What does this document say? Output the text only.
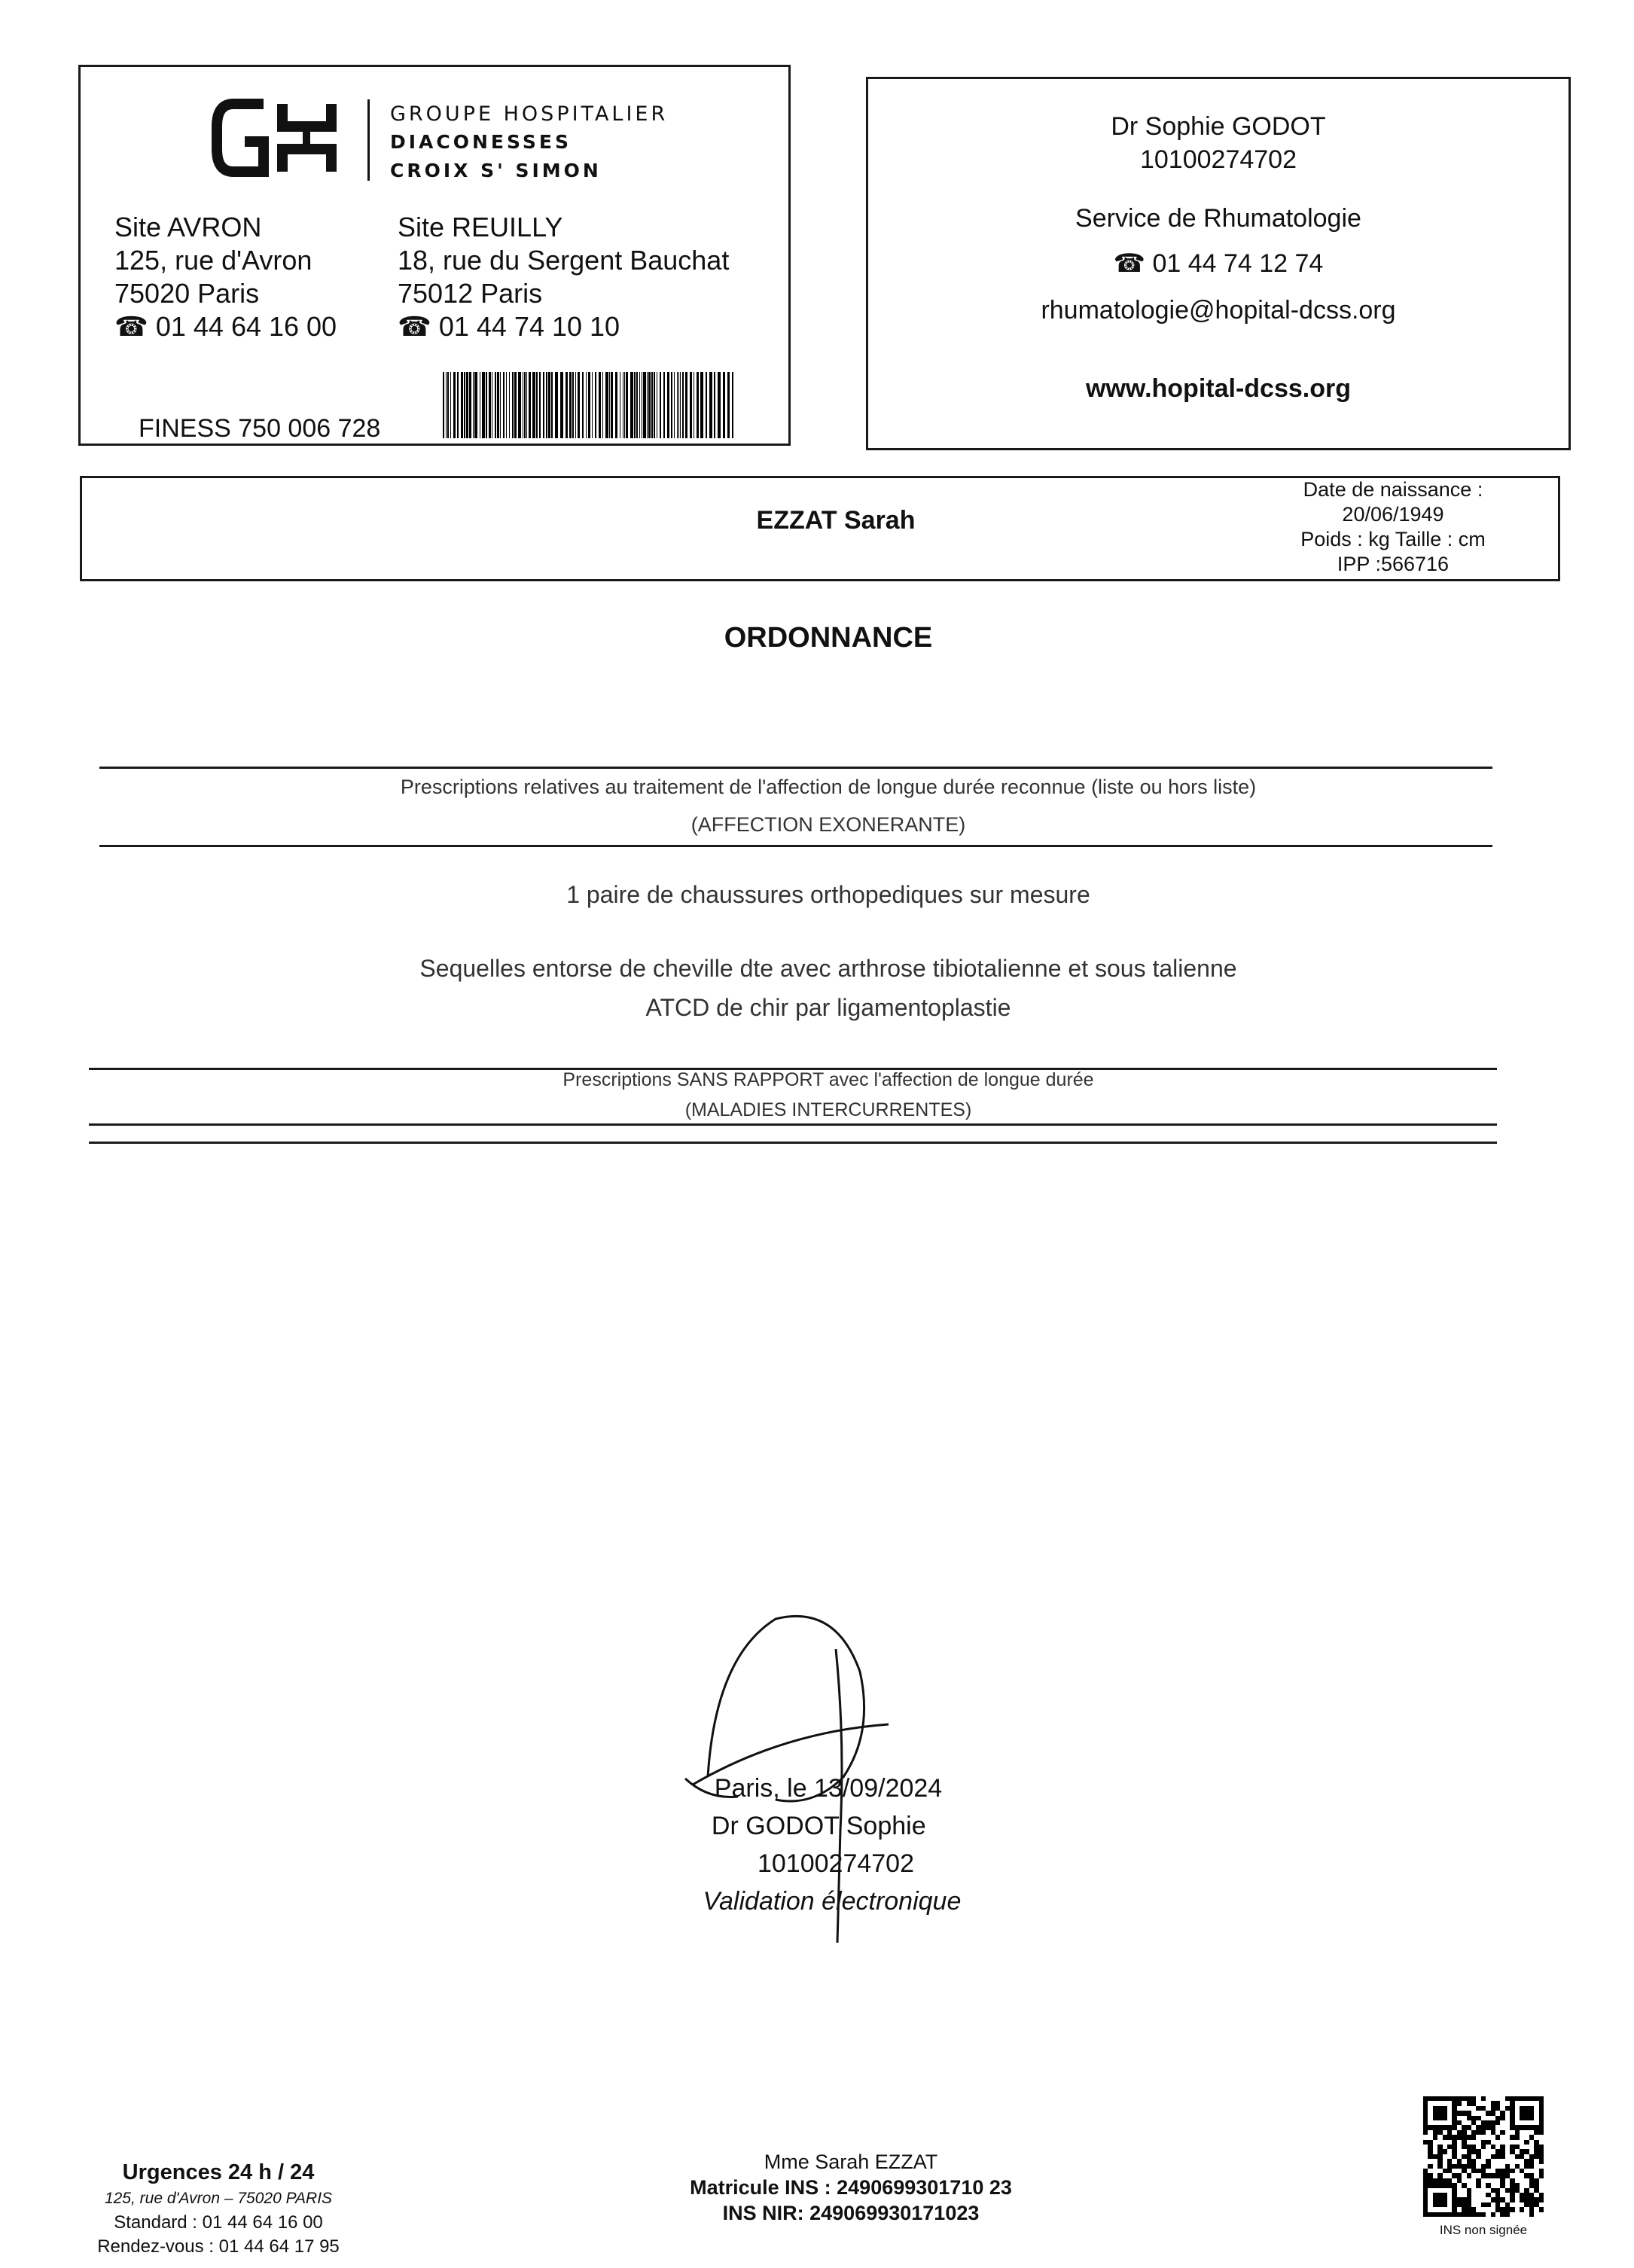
GROUPE HOSPITALIER
DIACONESSES
CROIX S' SIMON
Site AVRON
125, rue d'Avron
75020 Paris
☎ 01 44 64 16 00
Site REUILLY
18, rue du Sergent Bauchat
75012 Paris
☎ 01 44 74 10 10
FINESS 750 006 728
Dr Sophie GODOT
10100274702
Service de Rhumatologie
☎ 01 44 74 12 74
rhumatologie@hopital-dcss.org
www.hopital-dcss.org
EZZAT Sarah
Date de naissance :
20/06/1949
Poids : kg Taille : cm
IPP :566716
ORDONNANCE
Prescriptions relatives au traitement de l'affection de longue durée reconnue (liste ou hors liste)
(AFFECTION EXONERANTE)
1 paire de chaussures orthopediques sur mesure
Sequelles entorse de cheville dte avec arthrose tibiotalienne et sous talienne
ATCD de chir par ligamentoplastie
Prescriptions SANS RAPPORT avec l'affection de longue durée
(MALADIES INTERCURRENTES)
Paris, le 13/09/2024
Dr GODOT Sophie  10100274702
Validation électronique
Urgences 24 h / 24
125, rue d'Avron – 75020 PARIS
Standard : 01 44 64 16 00
Rendez-vous : 01 44 64 17 95
Mme Sarah EZZAT
Matricule INS : 2490699301710 23
INS NIR: 249069930171023
INS non signée
